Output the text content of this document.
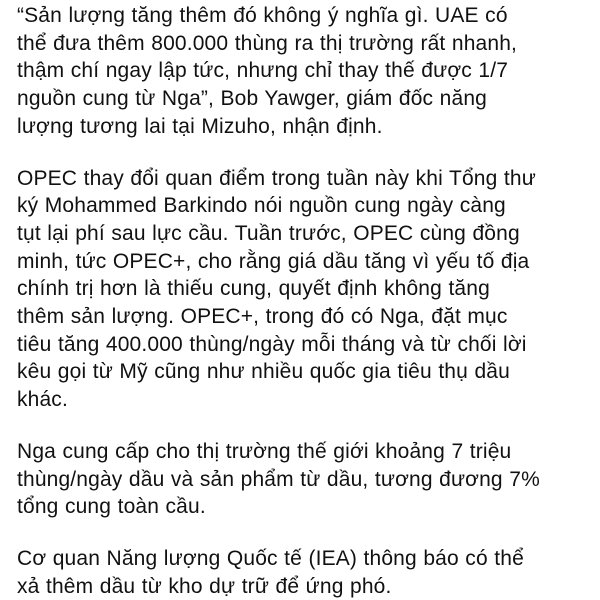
“Sản lượng tăng thêm đó không ý nghĩa gì. UAE có
thể đưa thêm 800.000 thùng ra thị trường rất nhanh,
thậm chí ngay lập tức, nhưng chỉ thay thế được 1/7
nguồn cung từ Nga”, Bob Yawger, giám đốc năng
lượng tương lai tại Mizuho, nhận định.

OPEC thay đổi quan điểm trong tuần này khi Tổng thư
ký Mohammed Barkindo nói nguồn cung ngày càng
tụt lại phí sau lực cầu. Tuần trước, OPEC cùng đồng
minh, tức OPEC+, cho rằng giá dầu tăng vì yếu tố địa
chính trị hơn là thiếu cung, quyết định không tăng
thêm sản lượng. OPEC+, trong đó có Nga, đặt mục
tiêu tăng 400.000 thùng/ngày mỗi tháng và từ chối lời
kêu gọi từ Mỹ cũng như nhiều quốc gia tiêu thụ dầu
khác.

Nga cung cấp cho thị trường thế giới khoảng 7 triệu
thùng/ngày dầu và sản phẩm từ dầu, tương đương 7%
tổng cung toàn cầu.

Cơ quan Năng lượng Quốc tế (IEA) thông báo có thể
xả thêm dầu từ kho dự trữ để ứng phó.
